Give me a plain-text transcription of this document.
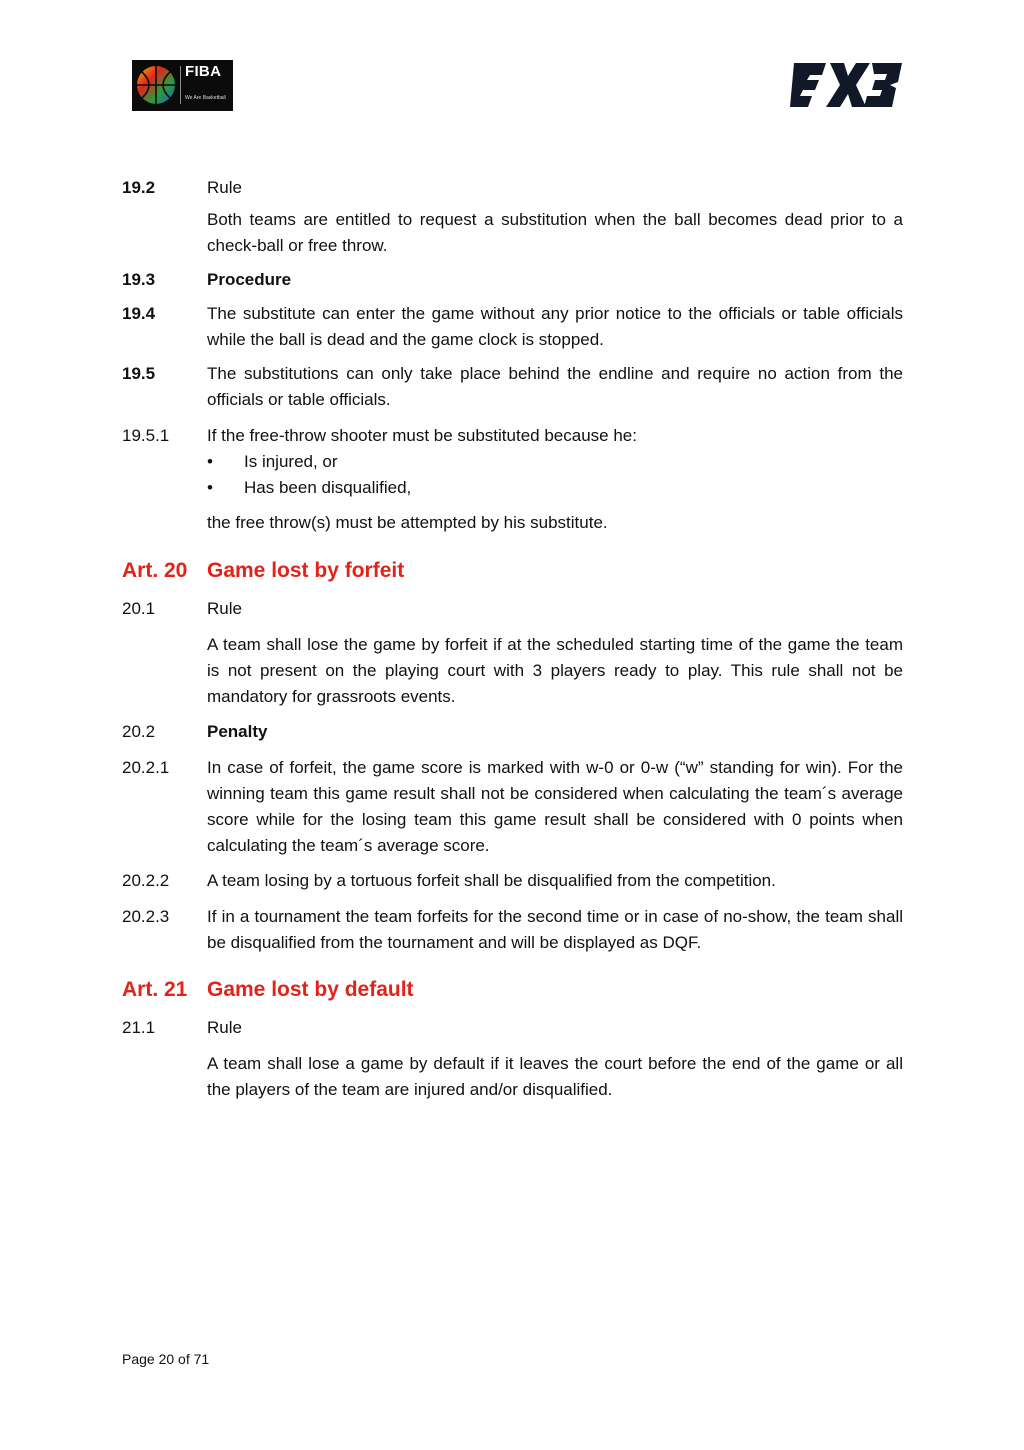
FIBA
We Are Basketball
19.2	Rule
Both teams are entitled to request a substitution when the ball becomes dead prior to a check-ball or free throw.
19.3	Procedure
19.4	The substitute can enter the game without any prior notice to the officials or table officials while the ball is dead and the game clock is stopped.
19.5	The substitutions can only take place behind the endline and require no action from the officials or table officials.
19.5.1 If the free-throw shooter must be substituted because he:
• Is injured, or
• Has been disqualified,
the free throw(s) must be attempted by his substitute.
Art. 20 Game lost by forfeit
20.1	Rule
A team shall lose the game by forfeit if at the scheduled starting time of the game the team is not present on the playing court with 3 players ready to play. This rule shall not be mandatory for grassroots events.
20.2	Penalty
20.2.1 In case of forfeit, the game score is marked with w-0 or 0-w (“w” standing for win). For the winning team this game result shall not be considered when calculating the team´s average score while for the losing team this game result shall be considered with 0 points when calculating the team´s average score.
20.2.2 A team losing by a tortuous forfeit shall be disqualified from the competition.
20.2.3 If in a tournament the team forfeits for the second time or in case of no-show, the team shall be disqualified from the tournament and will be displayed as DQF.
Art. 21 Game lost by default
21.1	Rule
A team shall lose a game by default if it leaves the court before the end of the game or all the players of the team are injured and/or disqualified.
Page 20 of 71
